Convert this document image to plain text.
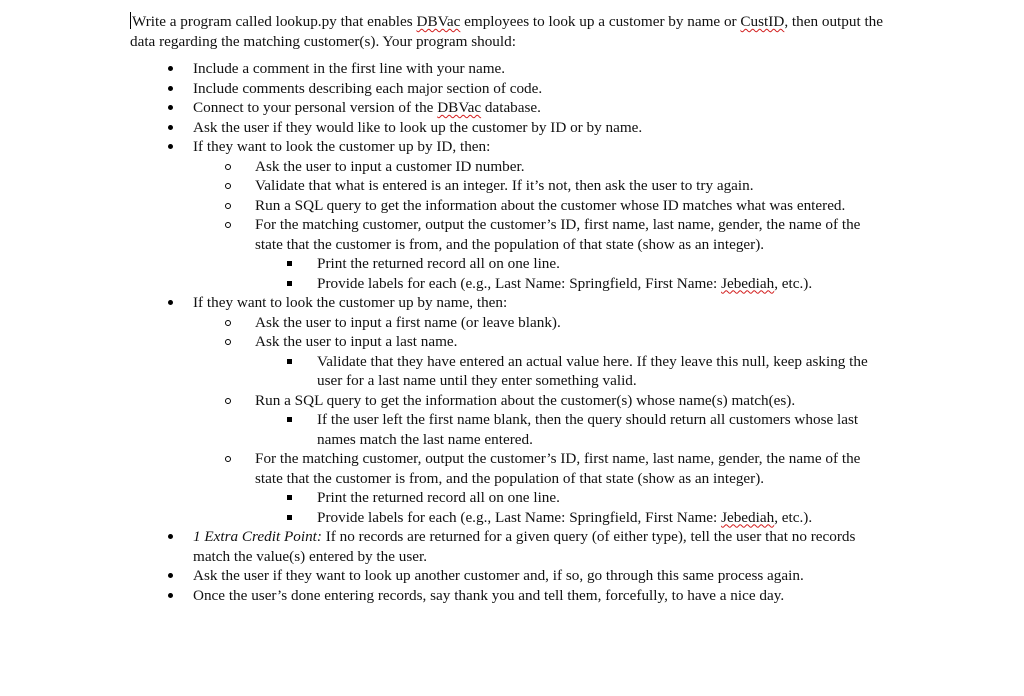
Write a program called lookup.py that enables DBVac employees to look up a customer by name or CustID, then output the data regarding the matching customer(s). Your program should:

Include a comment in the first line with your name.
Include comments describing each major section of code.
Connect to your personal version of the DBVac database.
Ask the user if they would like to look up the customer by ID or by name.
If they want to look the customer up by ID, then:
Ask the user to input a customer ID number.
Validate that what is entered is an integer. If it’s not, then ask the user to try again.
Run a SQL query to get the information about the customer whose ID matches what was entered.
For the matching customer, output the customer’s ID, first name, last name, gender, the name of the state that the customer is from, and the population of that state (show as an integer).
Print the returned record all on one line.
Provide labels for each (e.g., Last Name: Springfield, First Name: Jebediah, etc.).
If they want to look the customer up by name, then:
Ask the user to input a first name (or leave blank).
Ask the user to input a last name.
Validate that they have entered an actual value here. If they leave this null, keep asking the user for a last name until they enter something valid.
Run a SQL query to get the information about the customer(s) whose name(s) match(es).
If the user left the first name blank, then the query should return all customers whose last names match the last name entered.
For the matching customer, output the customer’s ID, first name, last name, gender, the name of the state that the customer is from, and the population of that state (show as an integer).
Print the returned record all on one line.
Provide labels for each (e.g., Last Name: Springfield, First Name: Jebediah, etc.).
1 Extra Credit Point: If no records are returned for a given query (of either type), tell the user that no records match the value(s) entered by the user.
Ask the user if they want to look up another customer and, if so, go through this same process again.
Once the user’s done entering records, say thank you and tell them, forcefully, to have a nice day.
